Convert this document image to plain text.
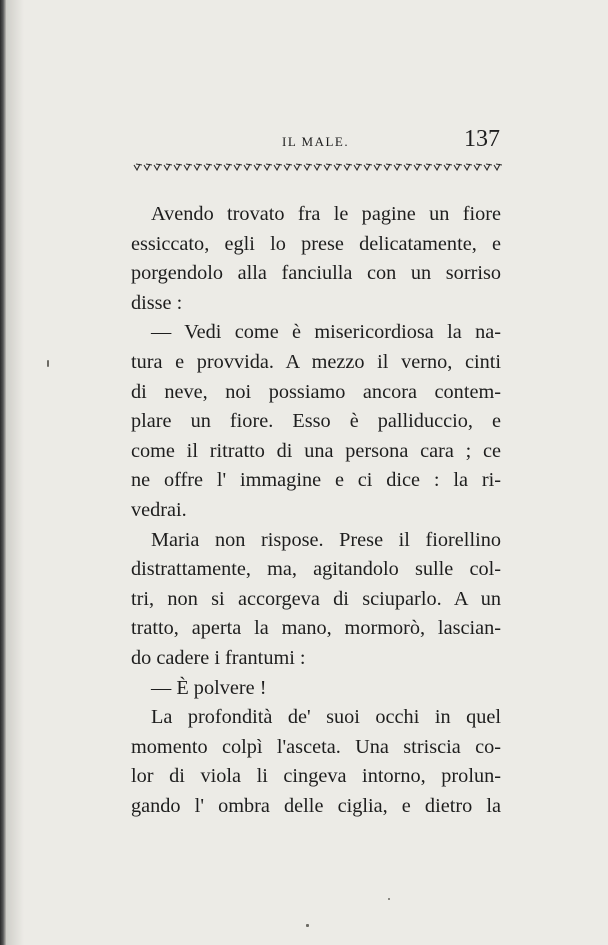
IL MALE.	137
Avendo trovato fra le pagine un fiore
essiccato, egli lo prese delicatamente, e
porgendolo alla fanciulla con un sorriso
disse :
— Vedi come è misericordiosa la na-
tura e provvida. A mezzo il verno, cinti
di neve, noi possiamo ancora contem-
plare un fiore. Esso è palliduccio, e
come il ritratto di una persona cara ; ce
ne offre l' immagine e ci dice : la ri-
vedrai.
Maria non rispose. Prese il fiorellino
distrattamente, ma, agitandolo sulle col-
tri, non si accorgeva di sciuparlo. A un
tratto, aperta la mano, mormorò, lascian-
do cadere i frantumi :
— È polvere !
La profondità de' suoi occhi in quel
momento colpì l'asceta. Una striscia co-
lor di viola li cingeva intorno, prolun-
gando l' ombra delle ciglia, e dietro la
